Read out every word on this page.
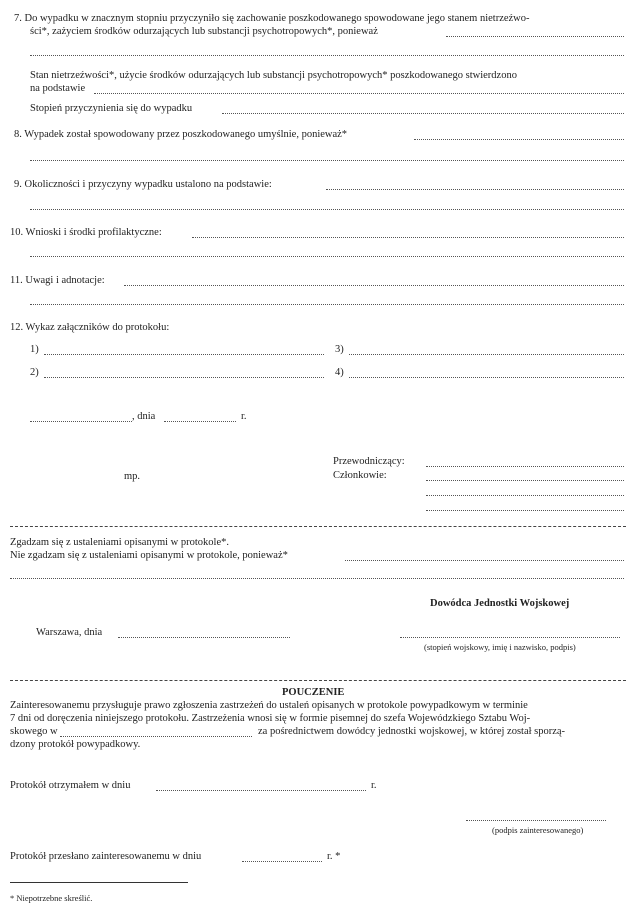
7. Do wypadku w znacznym stopniu przyczyniło się zachowanie poszkodowanego spowodowane jego stanem nietrzeźwo-
ści*, zażyciem środków odurzających lub substancji psychotropowych*, ponieważ
Stan nietrzeźwości*, użycie środków odurzających lub substancji psychotropowych* poszkodowanego stwierdzono
na podstawie
Stopień przyczynienia się do wypadku
8. Wypadek został spowodowany przez poszkodowanego umyślnie, ponieważ*
9. Okoliczności i przyczyny wypadku ustalono na podstawie:
10. Wnioski i środki profilaktyczne:
11. Uwagi i adnotacje:
12. Wykaz załączników do protokołu:
1)	3)
2)	4)
, dnia	r.
mp.
Przewodniczący:
Członkowie:
Zgadzam się z ustaleniami opisanymi w protokole*.
Nie zgadzam się z ustaleniami opisanymi w protokole, ponieważ*
Dowódca Jednostki Wojskowej
Warszawa, dnia
(stopień wojskowy, imię i nazwisko, podpis)
POUCZENIE
Zainteresowanemu przysługuje prawo zgłoszenia zastrzeżeń do ustaleń opisanych w protokole powypadkowym w terminie
7 dni od doręczenia niniejszego protokołu. Zastrzeżenia wnosi się w formie pisemnej do szefa Wojewódzkiego Sztabu Woj-
skowego w	za pośrednictwem dowódcy jednostki wojskowej, w której został sporzą-
dzony protokół powypadkowy.
Protokół otrzymałem w dniu	r.
(podpis zainteresowanego)
Protokół przesłano zainteresowanemu w dniu	r. *
* Niepotrzebne skreślić.
